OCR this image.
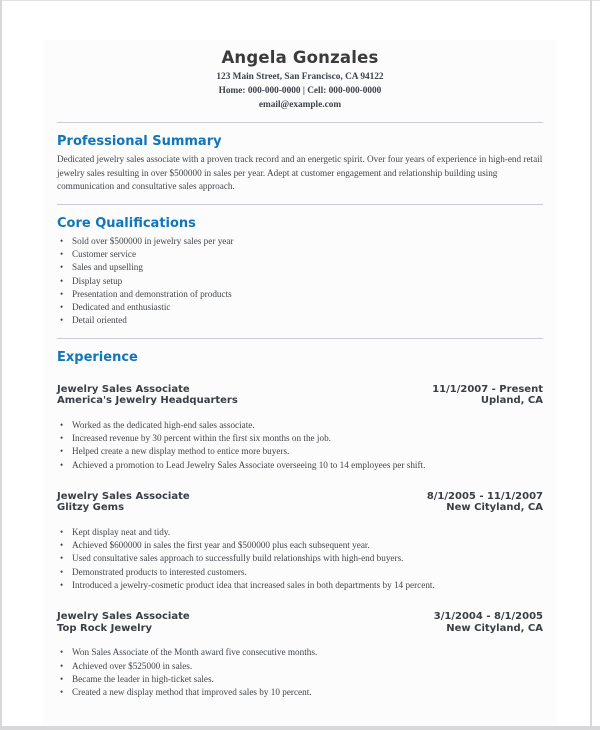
Angela Gonzales
123 Main Street, San Francisco, CA 94122
Home: 000-000-0000 | Cell: 000-000-0000
email@example.com
Professional Summary
Dedicated jewelry sales associate with a proven track record and an energetic spirit. Over four years of experience in high-end retail jewelry sales resulting in over $500000 in sales per year. Adept at customer engagement and relationship building using communication and consultative sales approach.
Core Qualifications
• Sold over $500000 in jewelry sales per year
• Customer service
• Sales and upselling
• Display setup
• Presentation and demonstration of products
• Dedicated and enthusiastic
• Detail oriented
Experience
Jewelry Sales Associate
America's Jewelry Headquarters
11/1/2007 - Present
Upland, CA
• Worked as the dedicated high-end sales associate.
• Increased revenue by 30 percent within the first six months on the job.
• Helped create a new display method to entice more buyers.
• Achieved a promotion to Lead Jewelry Sales Associate overseeing 10 to 14 employees per shift.
Jewelry Sales Associate
Glitzy Gems
8/1/2005 - 11/1/2007
New Cityland, CA
• Kept display neat and tidy.
• Achieved $600000 in sales the first year and $500000 plus each subsequent year.
• Used consultative sales approach to successfully build relationships with high-end buyers.
• Demonstrated products to interested customers.
• Introduced a jewelry-cosmetic product idea that increased sales in both departments by 14 percent.
Jewelry Sales Associate
Top Rock Jewelry
3/1/2004 - 8/1/2005
New Cityland, CA
• Won Sales Associate of the Month award five consecutive months.
• Achieved over $525000 in sales.
• Became the leader in high-ticket sales.
• Created a new display method that improved sales by 10 percent.
